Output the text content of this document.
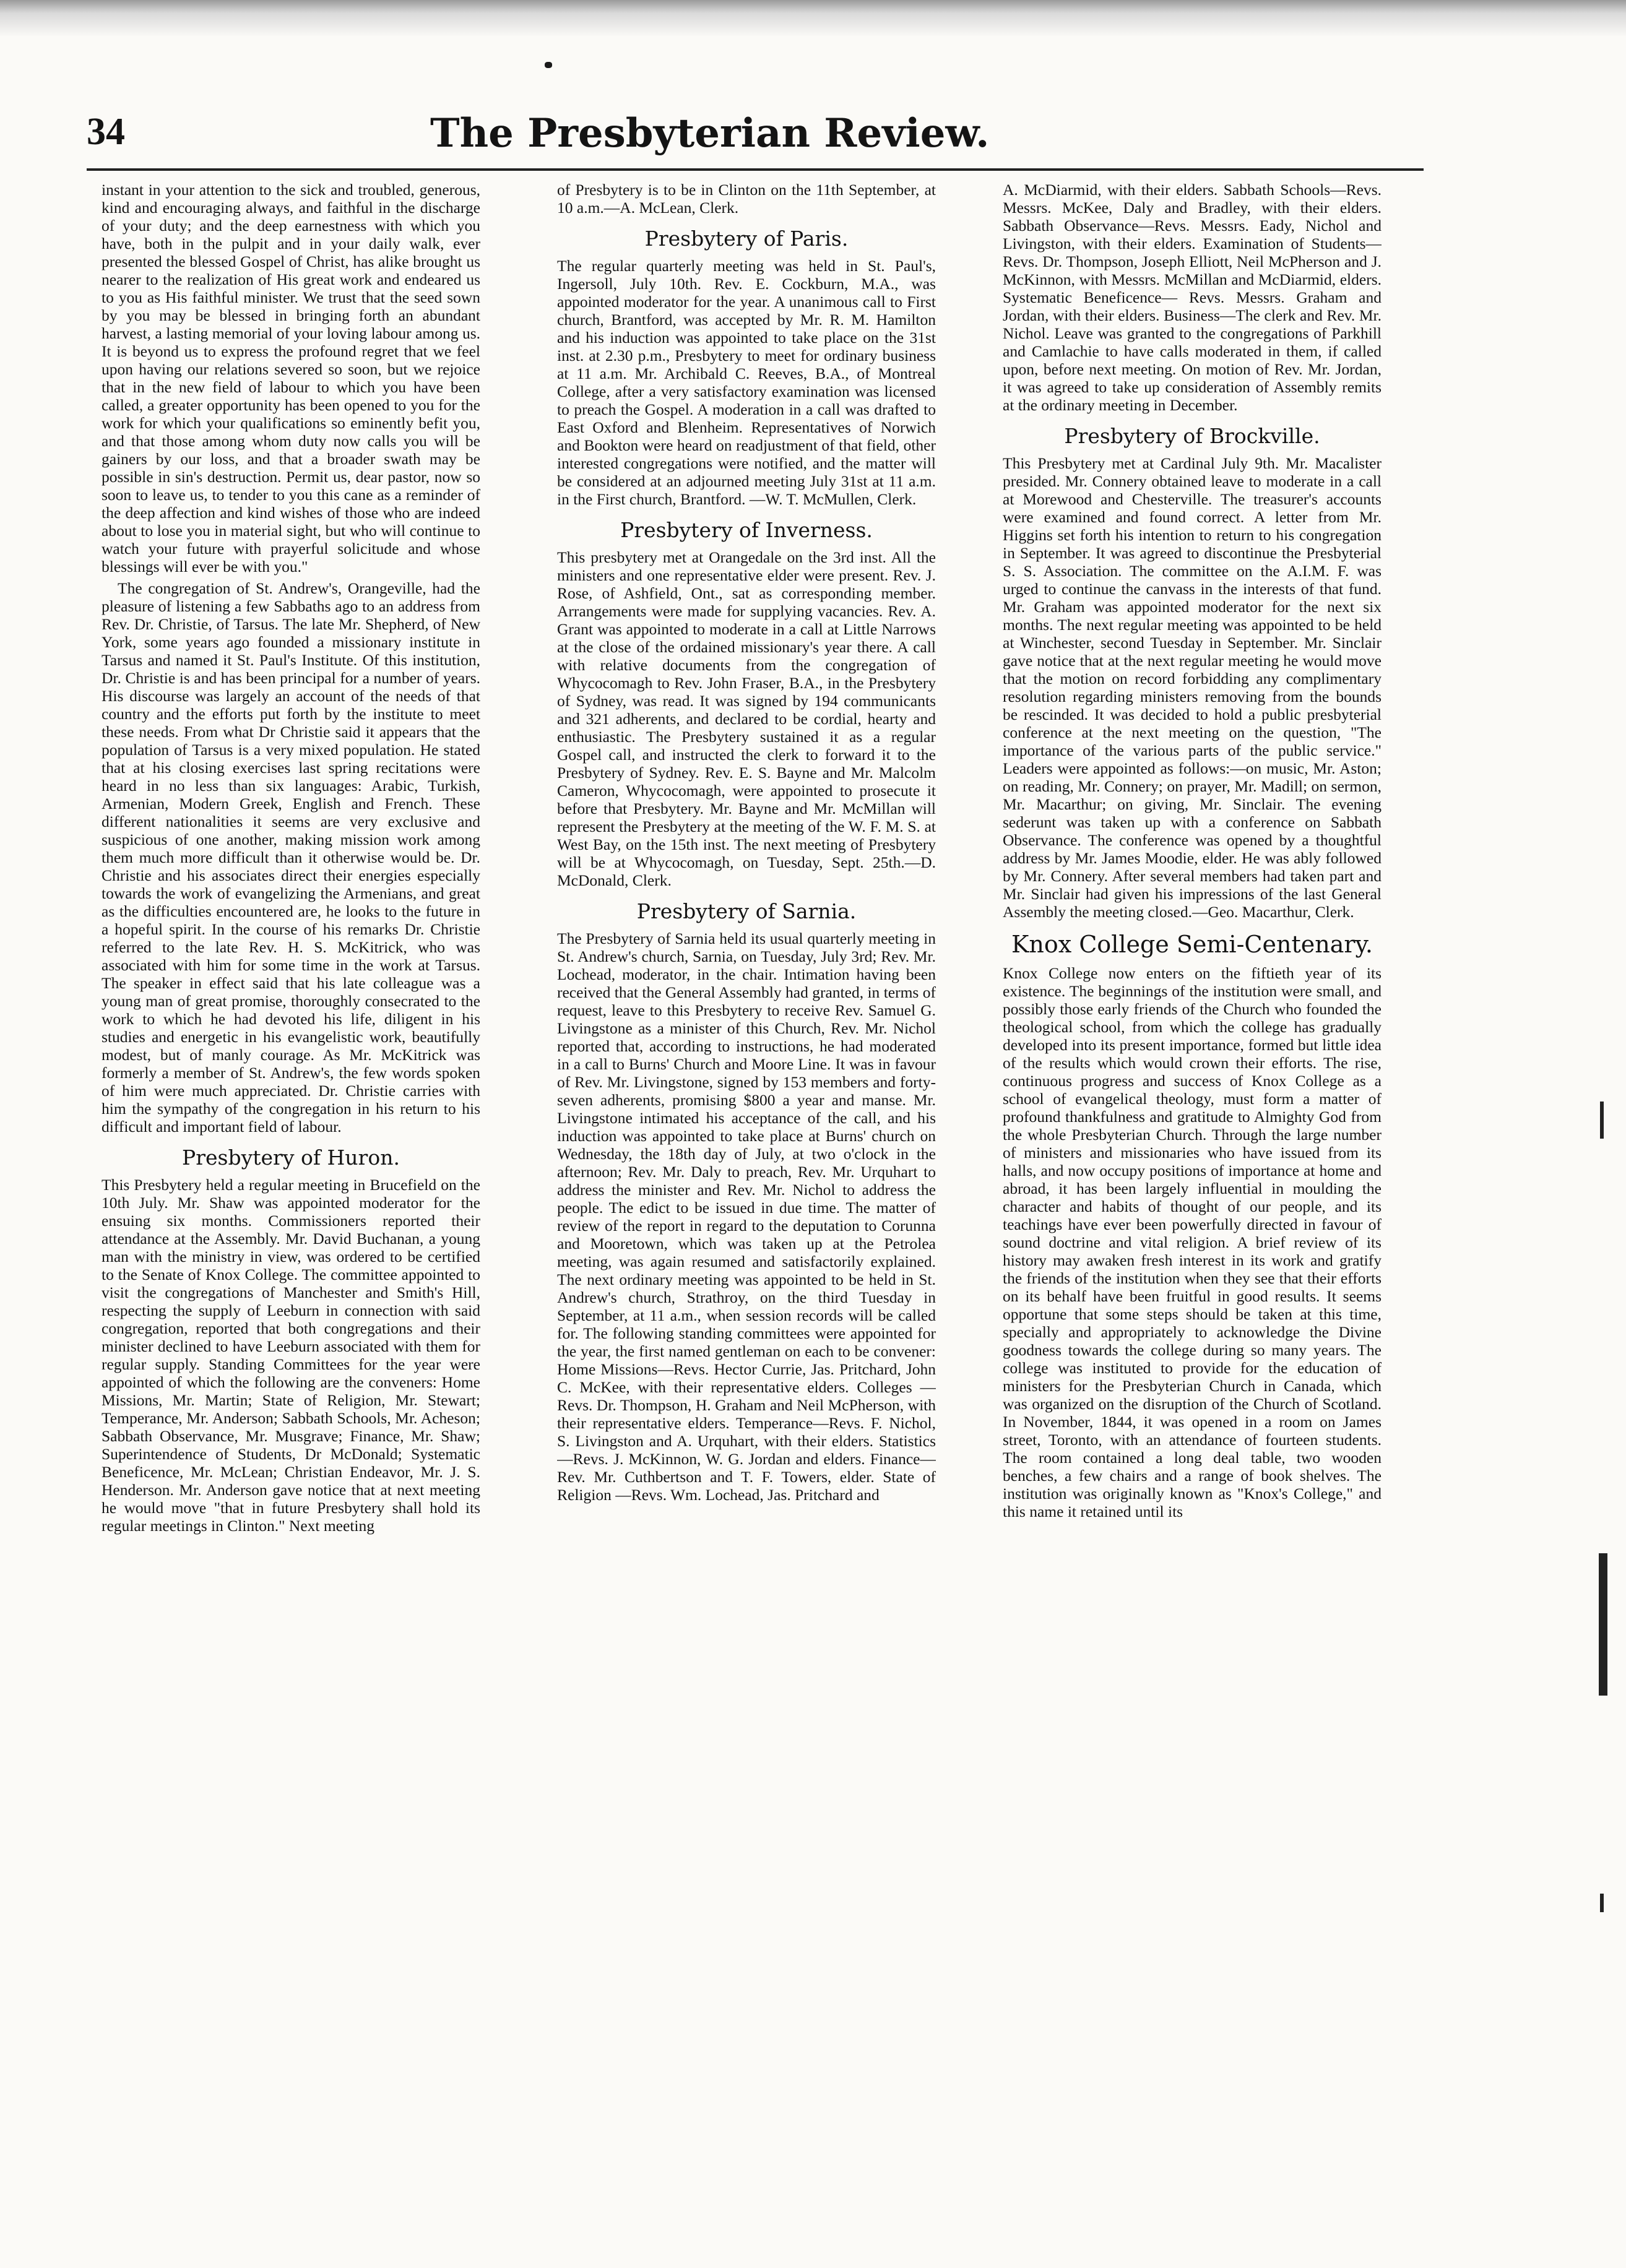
34	The Presbyterian Review.

instant in your attention to the sick and troubled, generous, kind and encouraging always, and faithful in the discharge of your duty; and the deep earnestness with which you have, both in the pulpit and in your daily walk, ever presented the blessed Gospel of Christ, has alike brought us nearer to the realization of His great work and endeared us to you as His faithful minister. We trust that the seed sown by you may be blessed in bringing forth an abundant harvest, a lasting memorial of your loving labour among us. It is beyond us to express the profound regret that we feel upon having our relations severed so soon, but we rejoice that in the new field of labour to which you have been called, a greater opportunity has been opened to you for the work for which your qualifications so eminently befit you, and that those among whom duty now calls you will be gainers by our loss, and that a broader swath may be possible in sin's destruction. Permit us, dear pastor, now so soon to leave us, to tender to you this cane as a reminder of the deep affection and kind wishes of those who are indeed about to lose you in material sight, but who will continue to watch your future with prayerful solicitude and whose blessings will ever be with you."

The congregation of St. Andrew's, Orangeville, had the pleasure of listening a few Sabbaths ago to an address from Rev. Dr. Christie, of Tarsus. The late Mr. Shepherd, of New York, some years ago founded a missionary institute in Tarsus and named it St. Paul's Institute. Of this institution, Dr. Christie is and has been principal for a number of years. His discourse was largely an account of the needs of that country and the efforts put forth by the institute to meet these needs. From what Dr Christie said it appears that the population of Tarsus is a very mixed population. He stated that at his closing exercises last spring recitations were heard in no less than six languages: Arabic, Turkish, Armenian, Modern Greek, English and French. These different nationalities it seems are very exclusive and suspicious of one another, making mission work among them much more difficult than it otherwise would be. Dr. Christie and his associates direct their energies especially towards the work of evangelizing the Armenians, and great as the difficulties encountered are, he looks to the future in a hopeful spirit. In the course of his remarks Dr. Christie referred to the late Rev. H. S. McKitrick, who was associated with him for some time in the work at Tarsus. The speaker in effect said that his late colleague was a young man of great promise, thoroughly consecrated to the work to which he had devoted his life, diligent in his studies and energetic in his evangelistic work, beautifully modest, but of manly courage. As Mr. McKitrick was formerly a member of St. Andrew's, the few words spoken of him were much appreciated. Dr. Christie carries with him the sympathy of the congregation in his return to his difficult and important field of labour.

Presbytery of Huron.

This Presbytery held a regular meeting in Brucefield on the 10th July. Mr. Shaw was appointed moderator for the ensuing six months. Commissioners reported their attendance at the Assembly. Mr. David Buchanan, a young man with the ministry in view, was ordered to be certified to the Senate of Knox College. The committee appointed to visit the congregations of Manchester and Smith's Hill, respecting the supply of Leeburn in connection with said congregation, reported that both congregations and their minister declined to have Leeburn associated with them for regular supply. Standing Committees for the year were appointed of which the following are the conveners: Home Missions, Mr. Martin; State of Religion, Mr. Stewart; Temperance, Mr. Anderson; Sabbath Schools, Mr. Acheson; Sabbath Observance, Mr. Musgrave; Finance, Mr. Shaw; Superintendence of Students, Dr McDonald; Systematic Beneficence, Mr. McLean; Christian Endeavor, Mr. J. S. Henderson. Mr. Anderson gave notice that at next meeting he would move "that in future Presbytery shall hold its regular meetings in Clinton." Next meeting

of Presbytery is to be in Clinton on the 11th September, at 10 a.m.—A. McLean, Clerk.

Presbytery of Paris.

The regular quarterly meeting was held in St. Paul's, Ingersoll, July 10th. Rev. E. Cockburn, M.A., was appointed moderator for the year. A unanimous call to First church, Brantford, was accepted by Mr. R. M. Hamilton and his induction was appointed to take place on the 31st inst. at 2.30 p.m., Presbytery to meet for ordinary business at 11 a.m. Mr. Archibald C. Reeves, B.A., of Montreal College, after a very satisfactory examination was licensed to preach the Gospel. A moderation in a call was drafted to East Oxford and Blenheim. Representatives of Norwich and Bookton were heard on readjustment of that field, other interested congregations were notified, and the matter will be considered at an adjourned meeting July 31st at 11 a.m. in the First church, Brantford. —W. T. McMullen, Clerk.

Presbytery of Inverness.

This presbytery met at Orangedale on the 3rd inst. All the ministers and one representative elder were present. Rev. J. Rose, of Ashfield, Ont., sat as corresponding member. Arrangements were made for supplying vacancies. Rev. A. Grant was appointed to moderate in a call at Little Narrows at the close of the ordained missionary's year there. A call with relative documents from the congregation of Whycocomagh to Rev. John Fraser, B.A., in the Presbytery of Sydney, was read. It was signed by 194 communicants and 321 adherents, and declared to be cordial, hearty and enthusiastic. The Presbytery sustained it as a regular Gospel call, and instructed the clerk to forward it to the Presbytery of Sydney. Rev. E. S. Bayne and Mr. Malcolm Cameron, Whycocomagh, were appointed to prosecute it before that Presbytery. Mr. Bayne and Mr. McMillan will represent the Presbytery at the meeting of the W. F. M. S. at West Bay, on the 15th inst. The next meeting of Presbytery will be at Whycocomagh, on Tuesday, Sept. 25th.—D. McDonald, Clerk.

Presbytery of Sarnia.

The Presbytery of Sarnia held its usual quarterly meeting in St. Andrew's church, Sarnia, on Tuesday, July 3rd; Rev. Mr. Lochead, moderator, in the chair. Intimation having been received that the General Assembly had granted, in terms of request, leave to this Presbytery to receive Rev. Samuel G. Livingstone as a minister of this Church, Rev. Mr. Nichol reported that, according to instructions, he had moderated in a call to Burns' Church and Moore Line. It was in favour of Rev. Mr. Livingstone, signed by 153 members and forty-seven adherents, promising $800 a year and manse. Mr. Livingstone intimated his acceptance of the call, and his induction was appointed to take place at Burns' church on Wednesday, the 18th day of July, at two o'clock in the afternoon; Rev. Mr. Daly to preach, Rev. Mr. Urquhart to address the minister and Rev. Mr. Nichol to address the people. The edict to be issued in due time. The matter of review of the report in regard to the deputation to Corunna and Mooretown, which was taken up at the Petrolea meeting, was again resumed and satisfactorily explained. The next ordinary meeting was appointed to be held in St. Andrew's church, Strathroy, on the third Tuesday in September, at 11 a.m., when session records will be called for. The following standing committees were appointed for the year, the first named gentleman on each to be convener: Home Missions—Revs. Hector Currie, Jas. Pritchard, John C. McKee, with their representative elders. Colleges — Revs. Dr. Thompson, H. Graham and Neil McPherson, with their representative elders. Temperance—Revs. F. Nichol, S. Livingston and A. Urquhart, with their elders. Statistics —Revs. J. McKinnon, W. G. Jordan and elders. Finance—Rev. Mr. Cuthbertson and T. F. Towers, elder. State of Religion —Revs. Wm. Lochead, Jas. Pritchard and

A. McDiarmid, with their elders. Sabbath Schools—Revs. Messrs. McKee, Daly and Bradley, with their elders. Sabbath Observance—Revs. Messrs. Eady, Nichol and Livingston, with their elders. Examination of Students—Revs. Dr. Thompson, Joseph Elliott, Neil McPherson and J. McKinnon, with Messrs. McMillan and McDiarmid, elders. Systematic Beneficence— Revs. Messrs. Graham and Jordan, with their elders. Business—The clerk and Rev. Mr. Nichol. Leave was granted to the congregations of Parkhill and Camlachie to have calls moderated in them, if called upon, before next meeting. On motion of Rev. Mr. Jordan, it was agreed to take up consideration of Assembly remits at the ordinary meeting in December.

Presbytery of Brockville.

This Presbytery met at Cardinal July 9th. Mr. Macalister presided. Mr. Connery obtained leave to moderate in a call at Morewood and Chesterville. The treasurer's accounts were examined and found correct. A letter from Mr. Higgins set forth his intention to return to his congregation in September. It was agreed to discontinue the Presbyterial S. S. Association. The committee on the A.I.M. F. was urged to continue the canvass in the interests of that fund. Mr. Graham was appointed moderator for the next six months. The next regular meeting was appointed to be held at Winchester, second Tuesday in September. Mr. Sinclair gave notice that at the next regular meeting he would move that the motion on record forbidding any complimentary resolution regarding ministers removing from the bounds be rescinded. It was decided to hold a public presbyterial conference at the next meeting on the question, "The importance of the various parts of the public service." Leaders were appointed as follows:—on music, Mr. Aston; on reading, Mr. Connery; on prayer, Mr. Madill; on sermon, Mr. Macarthur; on giving, Mr. Sinclair. The evening sederunt was taken up with a conference on Sabbath Observance. The conference was opened by a thoughtful address by Mr. James Moodie, elder. He was ably followed by Mr. Connery. After several members had taken part and Mr. Sinclair had given his impressions of the last General Assembly the meeting closed.—Geo. Macarthur, Clerk.

Knox College Semi-Centenary.

Knox College now enters on the fiftieth year of its existence. The beginnings of the institution were small, and possibly those early friends of the Church who founded the theological school, from which the college has gradually developed into its present importance, formed but little idea of the results which would crown their efforts. The rise, continuous progress and success of Knox College as a school of evangelical theology, must form a matter of profound thankfulness and gratitude to Almighty God from the whole Presbyterian Church. Through the large number of ministers and missionaries who have issued from its halls, and now occupy positions of importance at home and abroad, it has been largely influential in moulding the character and habits of thought of our people, and its teachings have ever been powerfully directed in favour of sound doctrine and vital religion. A brief review of its history may awaken fresh interest in its work and gratify the friends of the institution when they see that their efforts on its behalf have been fruitful in good results. It seems opportune that some steps should be taken at this time, specially and appropriately to acknowledge the Divine goodness towards the college during so many years. The college was instituted to provide for the education of ministers for the Presbyterian Church in Canada, which was organized on the disruption of the Church of Scotland. In November, 1844, it was opened in a room on James street, Toronto, with an attendance of fourteen students. The room contained a long deal table, two wooden benches, a few chairs and a range of book shelves. The institution was originally known as "Knox's College," and this name it retained until its
